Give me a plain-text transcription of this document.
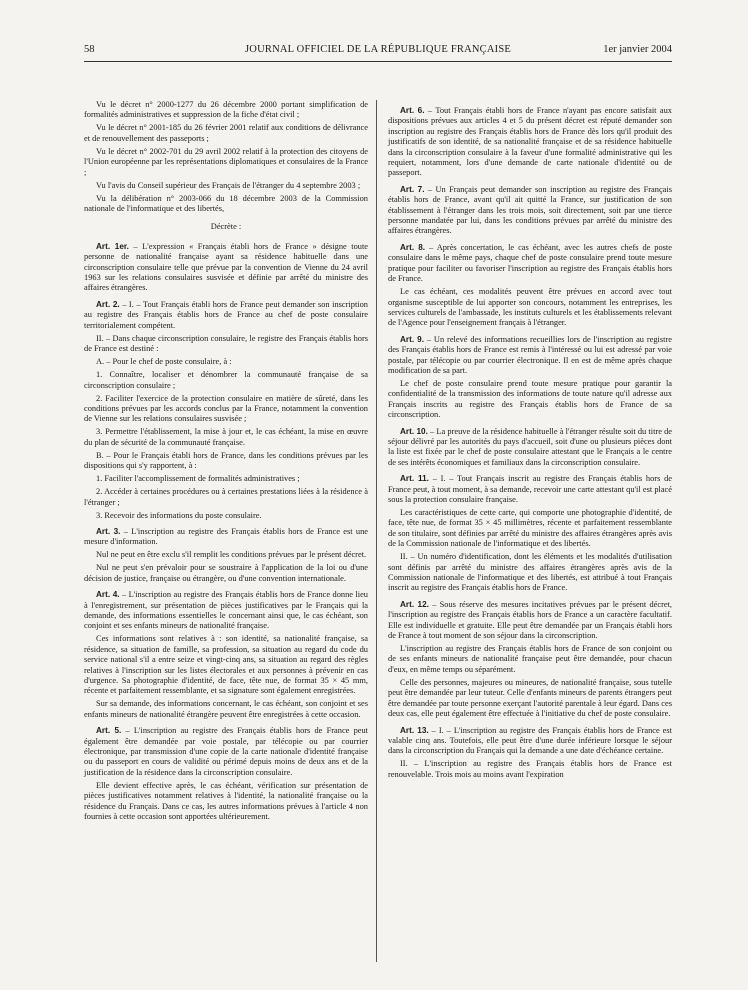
58	JOURNAL OFFICIEL DE LA RÉPUBLIQUE FRANÇAISE	1er janvier 2004

Vu le décret n° 2000-1277 du 26 décembre 2000 portant simplification de formalités administratives et suppression de la fiche d'état civil ;

Vu le décret n° 2001-185 du 26 février 2001 relatif aux conditions de délivrance et de renouvellement des passeports ;

Vu le décret n° 2002-701 du 29 avril 2002 relatif à la protection des citoyens de l'Union européenne par les représentations diplomatiques et consulaires de la France ;

Vu l'avis du Conseil supérieur des Français de l'étranger du 4 septembre 2003 ;

Vu la délibération n° 2003-066 du 18 décembre 2003 de la Commission nationale de l'informatique et des libertés,

Décrète :

Art. 1er. – L'expression « Français établi hors de France » désigne toute personne de nationalité française ayant sa résidence habituelle dans une circonscription consulaire telle que prévue par la convention de Vienne du 24 avril 1963 sur les relations consulaires susvisée et définie par arrêté du ministre des affaires étrangères.

Art. 2. – I. – Tout Français établi hors de France peut demander son inscription au registre des Français établis hors de France au chef de poste consulaire territorialement compétent.

II. – Dans chaque circonscription consulaire, le registre des Français établis hors de France est destiné :

A. – Pour le chef de poste consulaire, à :

1. Connaître, localiser et dénombrer la communauté française de sa circonscription consulaire ;

2. Faciliter l'exercice de la protection consulaire en matière de sûreté, dans les conditions prévues par les accords conclus par la France, notamment la convention de Vienne sur les relations consulaires susvisée ;

3. Permettre l'établissement, la mise à jour et, le cas échéant, la mise en œuvre du plan de sécurité de la communauté française.

B. – Pour le Français établi hors de France, dans les conditions prévues par les dispositions qui s'y rapportent, à :

1. Faciliter l'accomplissement de formalités administratives ;

2. Accéder à certaines procédures ou à certaines prestations liées à la résidence à l'étranger ;

3. Recevoir des informations du poste consulaire.

Art. 3. – L'inscription au registre des Français établis hors de France est une mesure d'information.

Nul ne peut en être exclu s'il remplit les conditions prévues par le présent décret.

Nul ne peut s'en prévaloir pour se soustraire à l'application de la loi ou d'une décision de justice, française ou étrangère, ou d'une convention internationale.

Art. 4. – L'inscription au registre des Français établis hors de France donne lieu à l'enregistrement, sur présentation de pièces justificatives par le Français qui la demande, des informations essentielles le concernant ainsi que, le cas échéant, son conjoint et ses enfants mineurs de nationalité française.

Ces informations sont relatives à : son identité, sa nationalité française, sa résidence, sa situation de famille, sa profession, sa situation au regard du code du service national s'il a entre seize et vingt-cinq ans, sa situation au regard des règles relatives à l'inscription sur les listes électorales et aux personnes à prévenir en cas d'urgence. Sa photographie d'identité, de face, tête nue, de format 35 × 45 mm, récente et parfaitement ressemblante, et sa signature sont également enregistrées.

Sur sa demande, des informations concernant, le cas échéant, son conjoint et ses enfants mineurs de nationalité étrangère peuvent être enregistrées à cette occasion.

Art. 5. – L'inscription au registre des Français établis hors de France peut également être demandée par voie postale, par télécopie ou par courrier électronique, par transmission d'une copie de la carte nationale d'identité française ou du passeport en cours de validité ou périmé depuis moins de deux ans et de la justification de la résidence dans la circonscription consulaire.

Elle devient effective après, le cas échéant, vérification sur présentation de pièces justificatives notamment relatives à l'identité, la nationalité française ou la résidence du Français. Dans ce cas, les autres informations prévues à l'article 4 non fournies à cette occasion sont apportées ultérieurement.

Art. 6. – Tout Français établi hors de France n'ayant pas encore satisfait aux dispositions prévues aux articles 4 et 5 du présent décret est réputé demander son inscription au registre des Français établis hors de France dès lors qu'il produit des justificatifs de son identité, de sa nationalité française et de sa résidence habituelle dans la circonscription consulaire à la faveur d'une formalité administrative qui les requiert, notamment, lors d'une demande de carte nationale d'identité ou de passeport.

Art. 7. – Un Français peut demander son inscription au registre des Français établis hors de France, avant qu'il ait quitté la France, sur justification de son établissement à l'étranger dans les trois mois, soit directement, soit par une tierce personne mandatée par lui, dans les conditions prévues par arrêté du ministre des affaires étrangères.

Art. 8. – Après concertation, le cas échéant, avec les autres chefs de poste consulaire dans le même pays, chaque chef de poste consulaire prend toute mesure pratique pour faciliter ou favoriser l'inscription au registre des Français établis hors de France.

Le cas échéant, ces modalités peuvent être prévues en accord avec tout organisme susceptible de lui apporter son concours, notamment les entreprises, les services culturels de l'ambassade, les instituts culturels et les établissements relevant de l'Agence pour l'enseignement français à l'étranger.

Art. 9. – Un relevé des informations recueillies lors de l'inscription au registre des Français établis hors de France est remis à l'intéressé ou lui est adressé par voie postale, par télécopie ou par courrier électronique. Il en est de même après chaque modification de sa part.

Le chef de poste consulaire prend toute mesure pratique pour garantir la confidentialité de la transmission des informations de toute nature qu'il adresse aux Français inscrits au registre des Français établis hors de France de sa circonscription.

Art. 10. – La preuve de la résidence habituelle à l'étranger résulte soit du titre de séjour délivré par les autorités du pays d'accueil, soit d'une ou plusieurs pièces dont la liste est fixée par le chef de poste consulaire attestant que le Français a le centre de ses intérêts économiques et familiaux dans la circonscription consulaire.

Art. 11. – I. – Tout Français inscrit au registre des Français établis hors de France peut, à tout moment, à sa demande, recevoir une carte attestant qu'il est placé sous la protection consulaire française.

Les caractéristiques de cette carte, qui comporte une photographie d'identité, de face, tête nue, de format 35 × 45 millimètres, récente et parfaitement ressemblante de son titulaire, sont définies par arrêté du ministre des affaires étrangères après avis de la Commission nationale de l'informatique et des libertés.

II. – Un numéro d'identification, dont les éléments et les modalités d'utilisation sont définis par arrêté du ministre des affaires étrangères après avis de la Commission nationale de l'informatique et des libertés, est attribué à tout Français inscrit au registre des Français établis hors de France.

Art. 12. – Sous réserve des mesures incitatives prévues par le présent décret, l'inscription au registre des Français établis hors de France a un caractère facultatif. Elle est individuelle et gratuite. Elle peut être demandée par un Français établi hors de France à tout moment de son séjour dans la circonscription.

L'inscription au registre des Français établis hors de France de son conjoint ou de ses enfants mineurs de nationalité française peut être demandée, pour chacun d'eux, en même temps ou séparément.

Celle des personnes, majeures ou mineures, de nationalité française, sous tutelle peut être demandée par leur tuteur. Celle d'enfants mineurs de parents étrangers peut être demandée par toute personne exerçant l'autorité parentale à leur égard. Dans ces deux cas, elle peut également être effectuée à l'initiative du chef de poste consulaire.

Art. 13. – I. – L'inscription au registre des Français établis hors de France est valable cinq ans. Toutefois, elle peut être d'une durée inférieure lorsque le séjour dans la circonscription du Français qui la demande a une date d'échéance certaine.

II. – L'inscription au registre des Français établis hors de France est renouvelable. Trois mois au moins avant l'expiration
